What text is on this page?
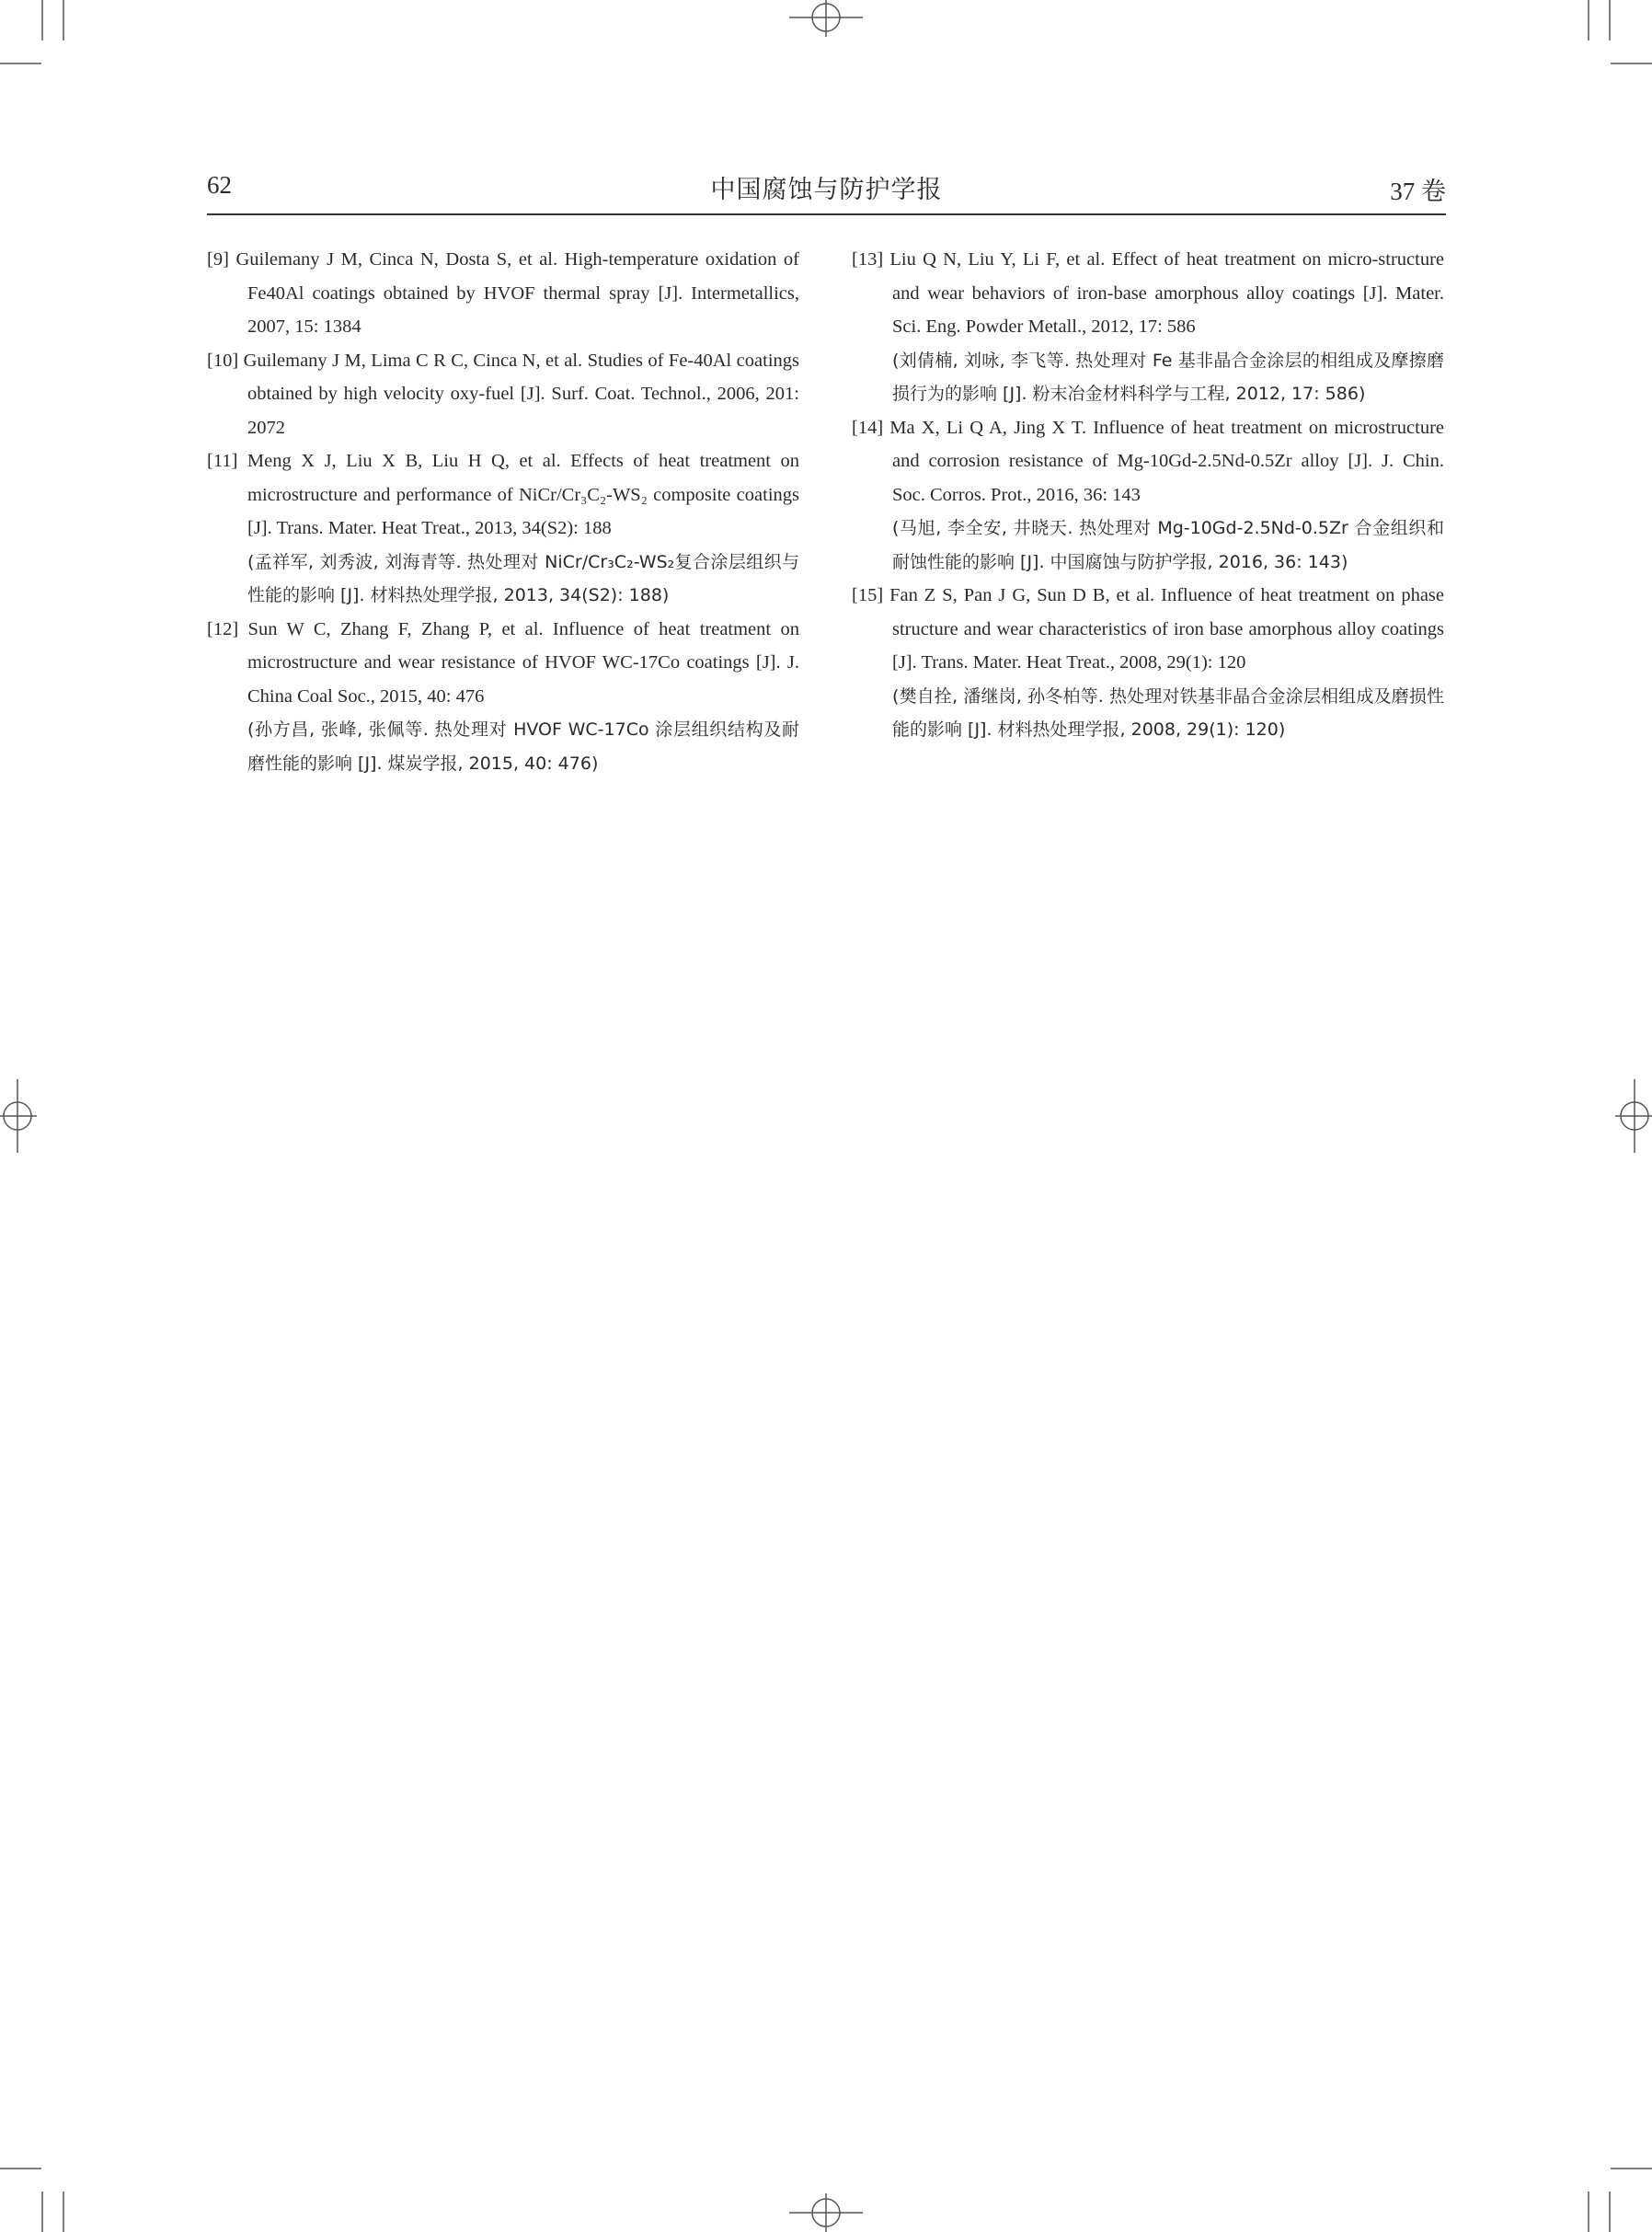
62	中国腐蚀与防护学报	37 卷

[9] Guilemany J M, Cinca N, Dosta S, et al. High-temperature oxidation of Fe40Al coatings obtained by HVOF thermal spray [J]. Intermetallics, 2007, 15: 1384

[10] Guilemany J M, Lima C R C, Cinca N, et al. Studies of Fe-40Al coatings obtained by high velocity oxy-fuel [J]. Surf. Coat. Technol., 2006, 201: 2072

[11] Meng X J, Liu X B, Liu H Q, et al. Effects of heat treatment on microstructure and performance of NiCr/Cr₃C₂-WS₂ composite coatings [J]. Trans. Mater. Heat Treat., 2013, 34(S2): 188

(孟祥军, 刘秀波, 刘海青等. 热处理对 NiCr/Cr₃C₂-WS₂复合涂层组织与性能的影响 [J]. 材料热处理学报, 2013, 34(S2): 188)

[12] Sun W C, Zhang F, Zhang P, et al. Influence of heat treatment on microstructure and wear resistance of HVOF WC-17Co coatings [J]. J. China Coal Soc., 2015, 40: 476

(孙方昌, 张峰, 张佩等. 热处理对 HVOF WC-17Co 涂层组织结构及耐磨性能的影响 [J]. 煤炭学报, 2015, 40: 476)

[13] Liu Q N, Liu Y, Li F, et al. Effect of heat treatment on micro-structure and wear behaviors of iron-base amorphous alloy coatings [J]. Mater. Sci. Eng. Powder Metall., 2012, 17: 586

(刘倩楠, 刘咏, 李飞等. 热处理对 Fe 基非晶合金涂层的相组成及摩擦磨损行为的影响 [J]. 粉末冶金材料科学与工程, 2012, 17: 586)

[14] Ma X, Li Q A, Jing X T. Influence of heat treatment on microstructure and corrosion resistance of Mg-10Gd-2.5Nd-0.5Zr alloy [J]. J. Chin. Soc. Corros. Prot., 2016, 36: 143

(马旭, 李全安, 井晓天. 热处理对 Mg-10Gd-2.5Nd-0.5Zr 合金组织和耐蚀性能的影响 [J]. 中国腐蚀与防护学报, 2016, 36: 143)

[15] Fan Z S, Pan J G, Sun D B, et al. Influence of heat treatment on phase structure and wear characteristics of iron base amorphous alloy coatings [J]. Trans. Mater. Heat Treat., 2008, 29(1): 120

(樊自拴, 潘继岗, 孙冬柏等. 热处理对铁基非晶合金涂层相组成及磨损性能的影响 [J]. 材料热处理学报, 2008, 29(1): 120)
